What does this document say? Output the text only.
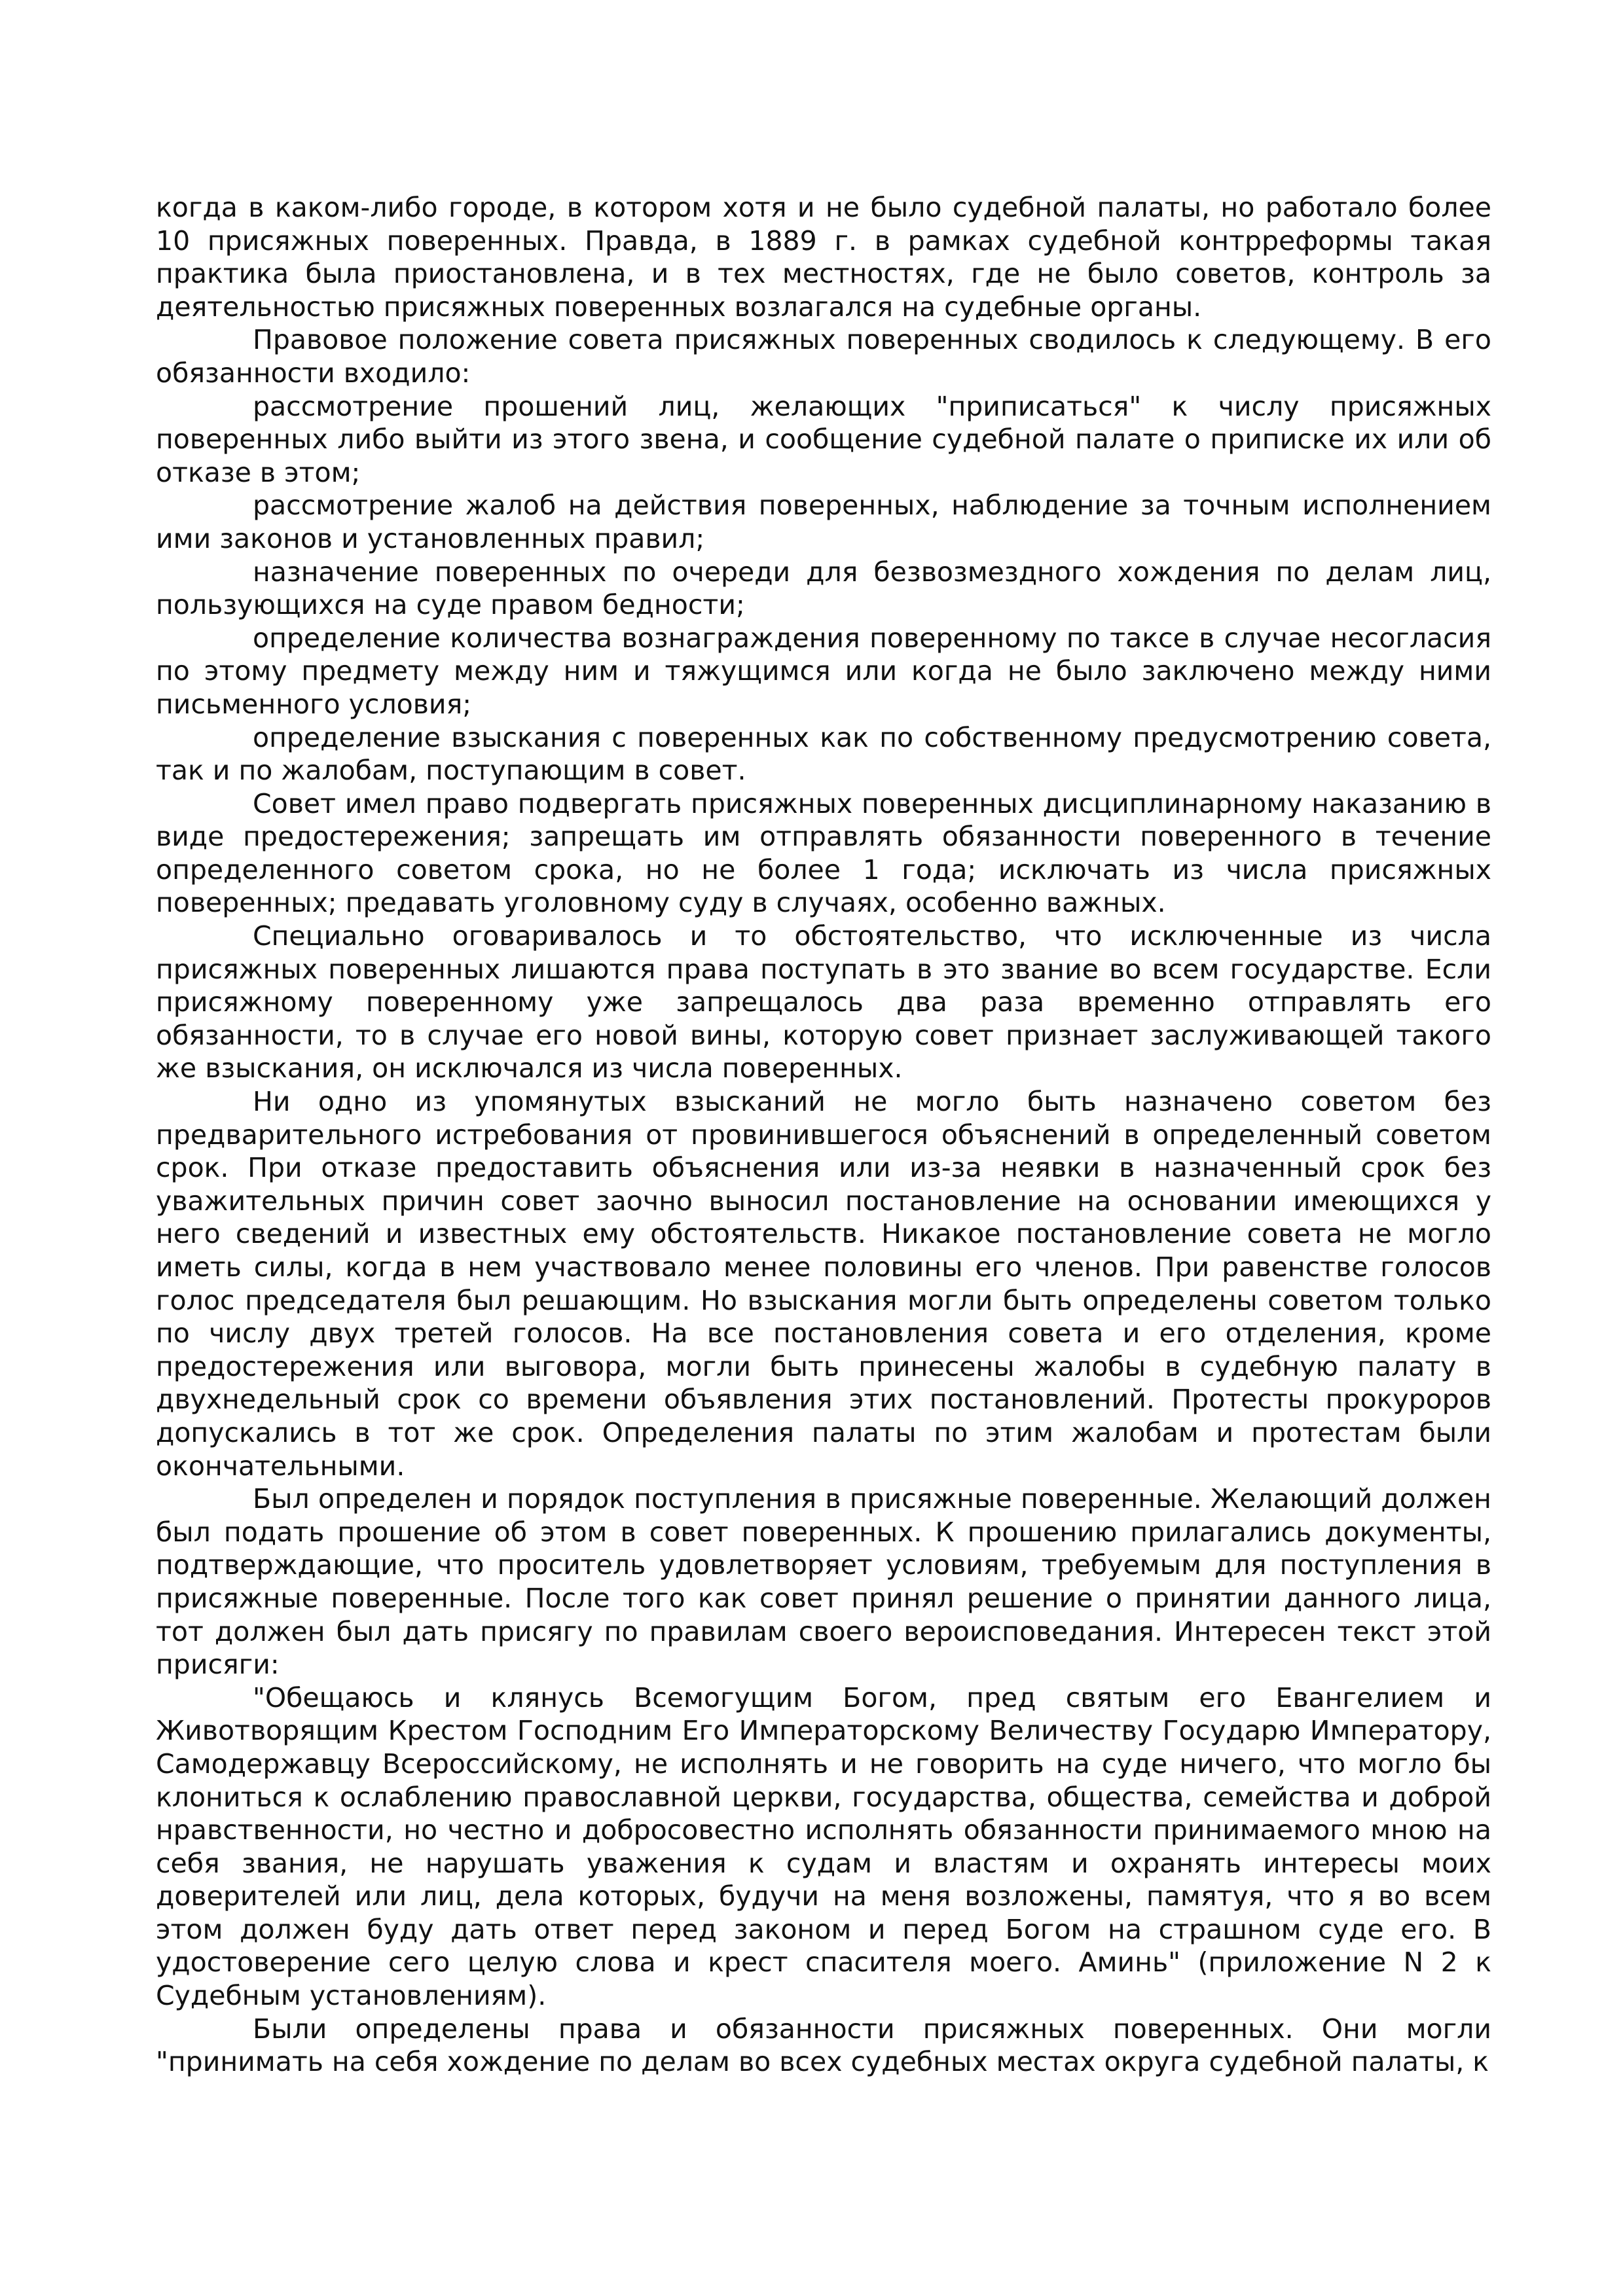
когда в каком-либо городе, в котором хотя и не было судебной палаты, но работало более 10 присяжных поверенных. Правда, в 1889 г. в рамках судебной контрреформы такая практика была приостановлена, и в тех местностях, где не было советов, контроль за деятельностью присяжных поверенных возлагался на судебные органы.

Правовое положение совета присяжных поверенных сводилось к следующему. В его обязанности входило:

рассмотрение прошений лиц, желающих "приписаться" к числу присяжных поверенных либо выйти из этого звена, и сообщение судебной палате о приписке их или об отказе в этом;

рассмотрение жалоб на действия поверенных, наблюдение за точным исполнением ими законов и установленных правил;

назначение поверенных по очереди для безвозмездного хождения по делам лиц, пользующихся на суде правом бедности;

определение количества вознаграждения поверенному по таксе в случае несогласия по этому предмету между ним и тяжущимся или когда не было заключено между ними письменного условия;

определение взыскания с поверенных как по собственному предусмотрению совета, так и по жалобам, поступающим в совет.

Совет имел право подвергать присяжных поверенных дисциплинарному наказанию в виде предостережения; запрещать им отправлять обязанности поверенного в течение определенного советом срока, но не более 1 года; исключать из числа присяжных поверенных; предавать уголовному суду в случаях, особенно важных.

Специально оговаривалось и то обстоятельство, что исключенные из числа присяжных поверенных лишаются права поступать в это звание во всем государстве. Если присяжному поверенному уже запрещалось два раза временно отправлять его обязанности, то в случае его новой вины, которую совет признает заслуживающей такого же взыскания, он исключался из числа поверенных.

Ни одно из упомянутых взысканий не могло быть назначено советом без предварительного истребования от провинившегося объяснений в определенный советом срок. При отказе предоставить объяснения или из-за неявки в назначенный срок без уважительных причин совет заочно выносил постановление на основании имеющихся у него сведений и известных ему обстоятельств. Никакое постановление совета не могло иметь силы, когда в нем участвовало менее половины его членов. При равенстве голосов голос председателя был решающим. Но взыскания могли быть определены советом только по числу двух третей голосов. На все постановления совета и его отделения, кроме предостережения или выговора, могли быть принесены жалобы в судебную палату в двухнедельный срок со времени объявления этих постановлений. Протесты прокуроров допускались в тот же срок. Определения палаты по этим жалобам и протестам были окончательными.

Был определен и порядок поступления в присяжные поверенные. Желающий должен был подать прошение об этом в совет поверенных. К прошению прилагались документы, подтверждающие, что проситель удовлетворяет условиям, требуемым для поступления в присяжные поверенные. После того как совет принял решение о принятии данного лица, тот должен был дать присягу по правилам своего вероисповедания. Интересен текст этой присяги:

"Обещаюсь и клянусь Всемогущим Богом, пред святым его Евангелием и Животворящим Крестом Господним Его Императорскому Величеству Государю Императору, Самодержавцу Всероссийскому, не исполнять и не говорить на суде ничего, что могло бы клониться к ослаблению православной церкви, государства, общества, семейства и доброй нравственности, но честно и добросовестно исполнять обязанности принимаемого мною на себя звания, не нарушать уважения к судам и властям и охранять интересы моих доверителей или лиц, дела которых, будучи на меня возложены, памятуя, что я во всем этом должен буду дать ответ перед законом и перед Богом на страшном суде его. В удостоверение сего целую слова и крест спасителя моего. Аминь" (приложение N 2 к Судебным установлениям).

Были определены права и обязанности присяжных поверенных. Они могли "принимать на себя хождение по делам во всех судебных местах округа судебной палаты, к
